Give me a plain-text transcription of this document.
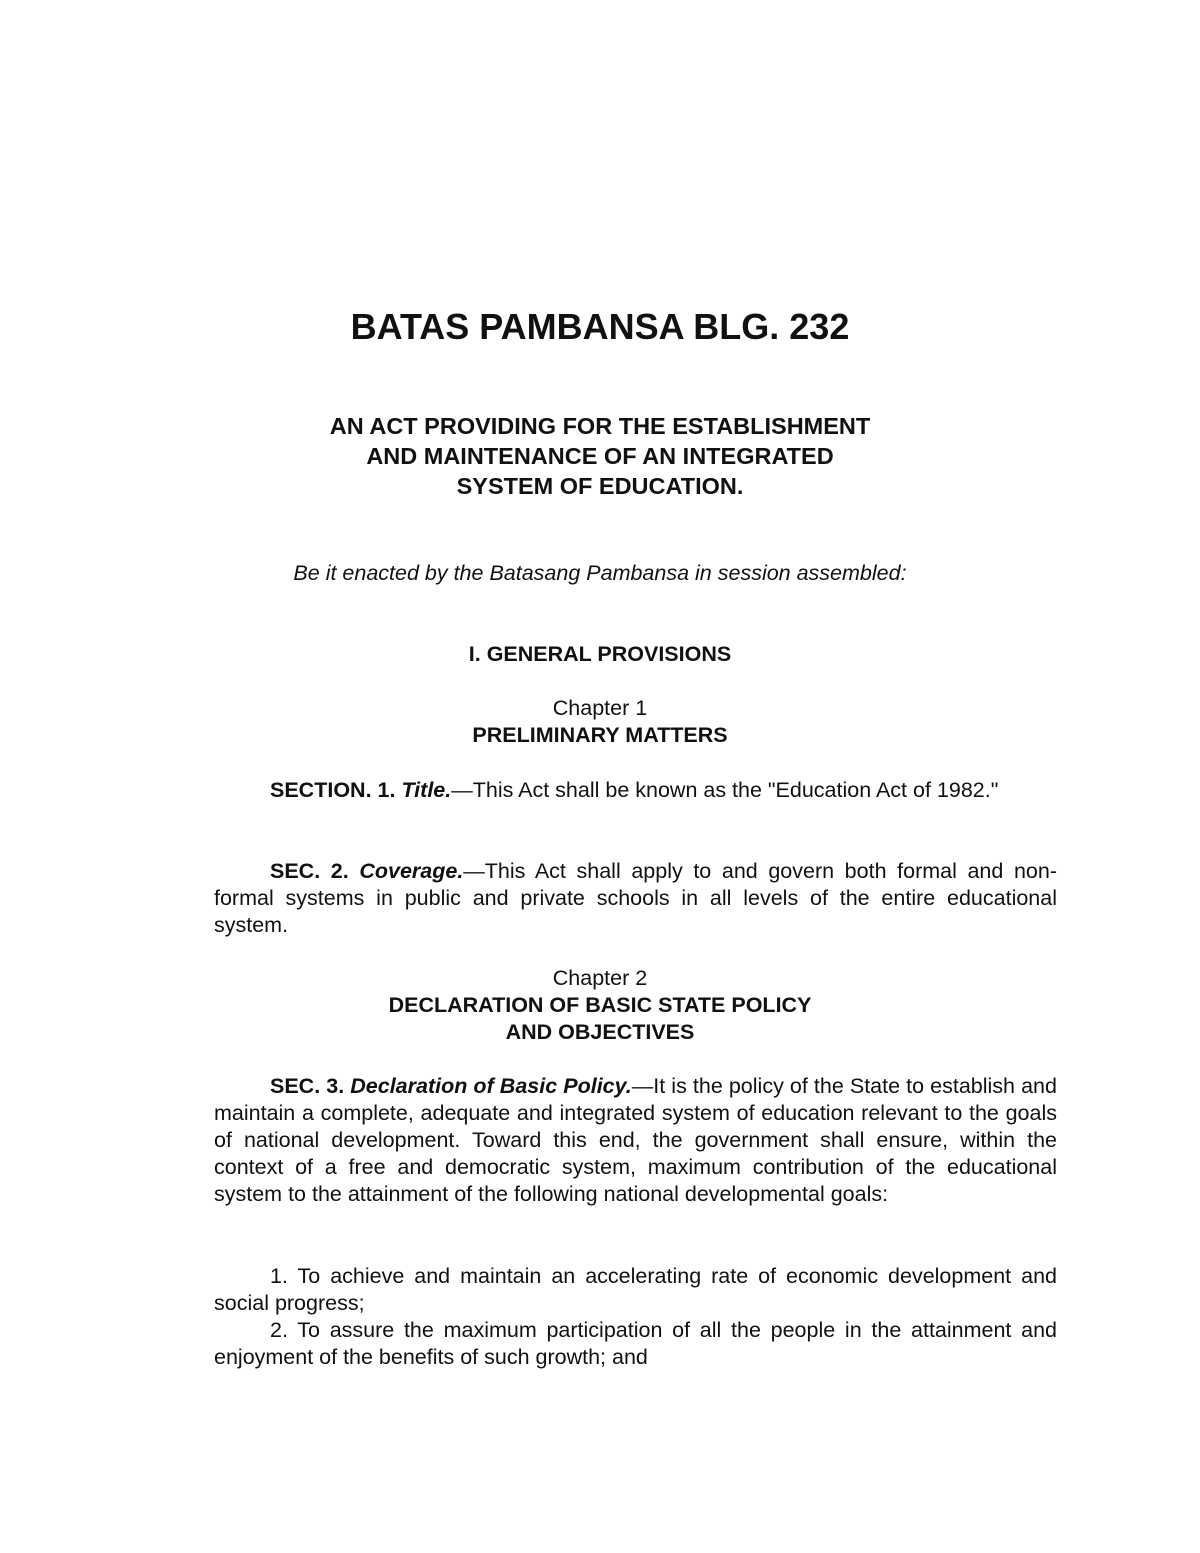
BATAS PAMBANSA BLG. 232
AN ACT PROVIDING FOR THE ESTABLISHMENT
AND MAINTENANCE OF AN INTEGRATED
SYSTEM OF EDUCATION.

Be it enacted by the Batasang Pambansa in session assembled:

I. GENERAL PROVISIONS
Chapter 1
PRELIMINARY MATTERS

SECTION. 1. Title.—This Act shall be known as the "Education Act of 1982."

SEC. 2. Coverage.—This Act shall apply to and govern both formal and non-formal systems in public and private schools in all levels of the entire educational system.

Chapter 2
DECLARATION OF BASIC STATE POLICY
AND OBJECTIVES

SEC. 3. Declaration of Basic Policy.—It is the policy of the State to establish and maintain a complete, adequate and integrated system of education relevant to the goals of national development. Toward this end, the government shall ensure, within the context of a free and democratic system, maximum contribution of the educational system to the attainment of the following national developmental goals:

1. To achieve and maintain an accelerating rate of economic development and social progress;

2. To assure the maximum participation of all the people in the attainment and enjoyment of the benefits of such growth; and
